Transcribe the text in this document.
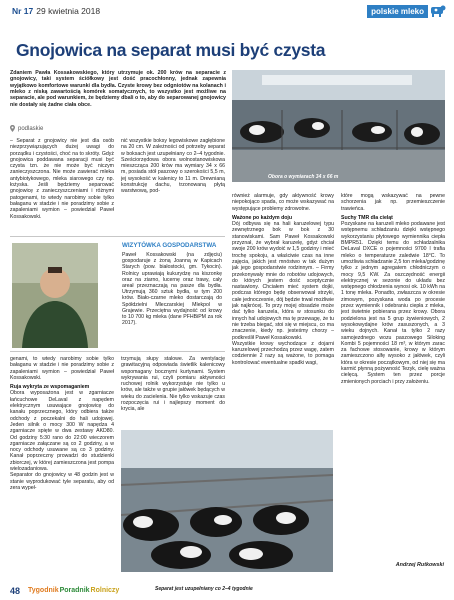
Nr 17 29 kwietnia 2018	polskie mleko
Gnojowica na separat musi być czysta
Zdaniem Pawła Kossakowskiego, który utrzymuje ok. 200 krów na separacie z gnojowicy, taki system ściółkowy jest dość pracochłonny, jednak zapewnia wyjątkowo komfortowe warunki dla bydła. Czyste krowy bez odgniotów na kolanach i mleko z niską zawartością komórek somatycznych, to wszystko jest możliwe na separacie, ale pod warunkiem, że będziemy dbali o to, aby do separowanej gnojowicy nie dostały się żadne ciała obce.
podlaskie

– Separat z gnojowicy nie jest dla osób niezprzywiązujących dużej uwagi do porządku i czystości, choć na to skróty. Gdyż gnojowica poddawana separacji musi być czysta tzn. że nie może być niczym zanieczyszczona. Nie może zawierać mleka antybiotykowego, mleka siarowego czy np. łożyska. Jeśli będziemy separować gnojowicę z zanieczyszczeniami i różnymi patogenami, to wtedy narobimy sobie tylko bałaganu w stadzie i nie poradzimy sobie z zapaleniami wymion – powiedział Paweł Kossakowski.

nić wszystkie boksy legowiskowe zagłębione na 20 cm. W zależności od potrzeby separat w boksach jest uzupełniany co 2–4 tygodnie. Sześciorzędowa obora wolnostanowiskowa mieszcząca 200 krów ma wymiary 34 x 66 m, posiada stół paszowy o szerokości 5,5 m, jej wysokość w kalenicy to 11 m. Drewnianą konstrukcję dachu, trzonowaną płytą warstwową, pod-

Obora o wymiarach 34 x 66 m
WIZYTÓWKA GOSPODARSTWA
Paweł Kossakowski (na zdjęciu) gospodaruje z żoną Joanną w Kapicach Starych (pow. białostocki, gm. Tykocin). Rolnicy uprawiają kukurydzę na kiszonkę oraz na ziarno, lucernę oraz trawy, cały areał przeznaczają na pasze dla bydła. Utrzymują 360 sztuk bydła, w tym 200 krów. Biało-czarne mleko dostarczają do Spółdzielni Mleczarskiej Mlekpol w Grajewie. Przeciętna wydajność od krowy to 10 700 kg mleka (dane PFHBiPM za rok 2017).

genami, to wtedy narobimy sobie tylko bałaganu w stadzie i nie poradzimy sobie z zapaleniami wymion – powiedział Paweł Kossakowski.

Ruja wykryta ze wspomaganiem

Obora wyposażona jest w zgarniacze łańcuchowe DeLaval z napędem elektrycznym usuwające gnojowicę do kanału poprzecznego, który odbiera także odchody z poczekalni do hali udojowej. Jeden silnik o mocy 300 W napędza 4 zgarniacze spięte w dwa zestawy AKD80. Od godziny 5:30 rano do 22:00 wieczorem zgarniacze załączane są co 2 godziny, a w nocy odchody usuwane są co 3 godziny. Kanał poprzeczny prowadzi do studzienki zbiorczej, w której zamieszczona jest pompa wielozadaniowa.

Separator do gnojowicy w 48 godzin jest w stanie wyprodukować tyle separatu, aby od zera wypeł-

trzymują słupy stalowe. Za wentylację grawitacyjną odpowiada świetlik kalenicowy wspomagany bocznymi kurtynami. System wykrywania rui, czyli pomiaru aktywności ruchowej rolnik wykorzystuje nie tylko u krów, ale także w grupie jałówek będących w wieku do zacielenia. Nie tylko wskazuje czas rozpoczęcia rui i najlepszy moment do krycia, ale

Separat jest uzupełniany co 2–4 tygodnie

również alarmuje, gdy aktywność krowy niepokojąco spada, co może wskazywać na występujące problemy zdrowotne.

Ważone po każdym doju

Dój odbywa się na hali karuzelowej typu zewnętrznego bok w bok z 30 stanowiskami. Sam Paweł Kossakowski przyznał, że wybrał karuzelę, gdyż chciał swoje 200 krów wydoić w 1,5 godziny i mieć trochę spokoju, a właściwie czas na inne zajęcia, jakich jest mnóstwo w tak dużym jak jego gospodarstwie rodzinnym. – Firmy przekonywały mnie do robotów udojowych, do których jestem dość sceptycznie nastawiony. Chciałem mieć system dojki, podczas którego będę obserwował strzyki, całe jednoczesnie, dój będzie trwał możliwie jak najkrócej. To przy mojej obsadzie może dać tylko karuzela, która w stosunku do innych hal udojowych ma tę przewagę, że tu nie trzeba biegać, stoi się w miejscu, co ma znaczenie, kiedy np. jesteśmy chorzy – podkreślił Paweł Kossakowski.

Wszystkie krowy wychodzące z dojarni karuzelowej przechodzą przez wagę, zatem codziennie 2 razy są ważone, to pomaga kontrolować ewentualne spadki wagi,

które mogą wskazywać na pewne schorzenia jak np. przemieszczenie trawieńca.

Suchy TMR dla cieląt

Pozyskane na karuzeli mleko podawane jest wstępnemu schładzaniu dzięki wstępnego wykorzystaniu płytowego wymiennika ciepła BMPR51. Dzięki temu do schładzalnika DeLaval DXCE o pojemności 9700 l trafia mleko o temperaturze zaledwie 18°C. To umożliwia schładzanie 2,5 ton mleka/godzinę tylko z jednym agregatem chłodniczym o mocy 9,5 KW. Za oszczędność energii elektrycznej w sezonie do układu bez wstępnego chłodzenia wynosi ok. 10 kWh na 1 tonę mleka. Ponadto, zwłaszcza w okresie zimowym, pozyskana woda po procesie przez wymiennik i odebraniu ciepła z mleka, jest świetnie pobierana przez krowy. Obora podzielona jest na 5 grup żywieniowych, 2 wysokowydajne krów zasuszonych, a 3 wieku dojnych. Kanał ta tylko 2 razy samojezdnego wozu paszowego Siloking Kombi 5 pojemności 18 m³, w którym zarac za fachowe stosowanie, krowy w którym zamieszczono alfę wysoko z jałówek, czyli która w okresie początkowym, od niej się ma karmić płynną pożywność Tezyk, cielę ważna cielęcą. System ten przez porcje zmienionych porciach i przy założeniu.

Andrzej Rutkowski
48 Tygodnik Poradnik Rolniczy
